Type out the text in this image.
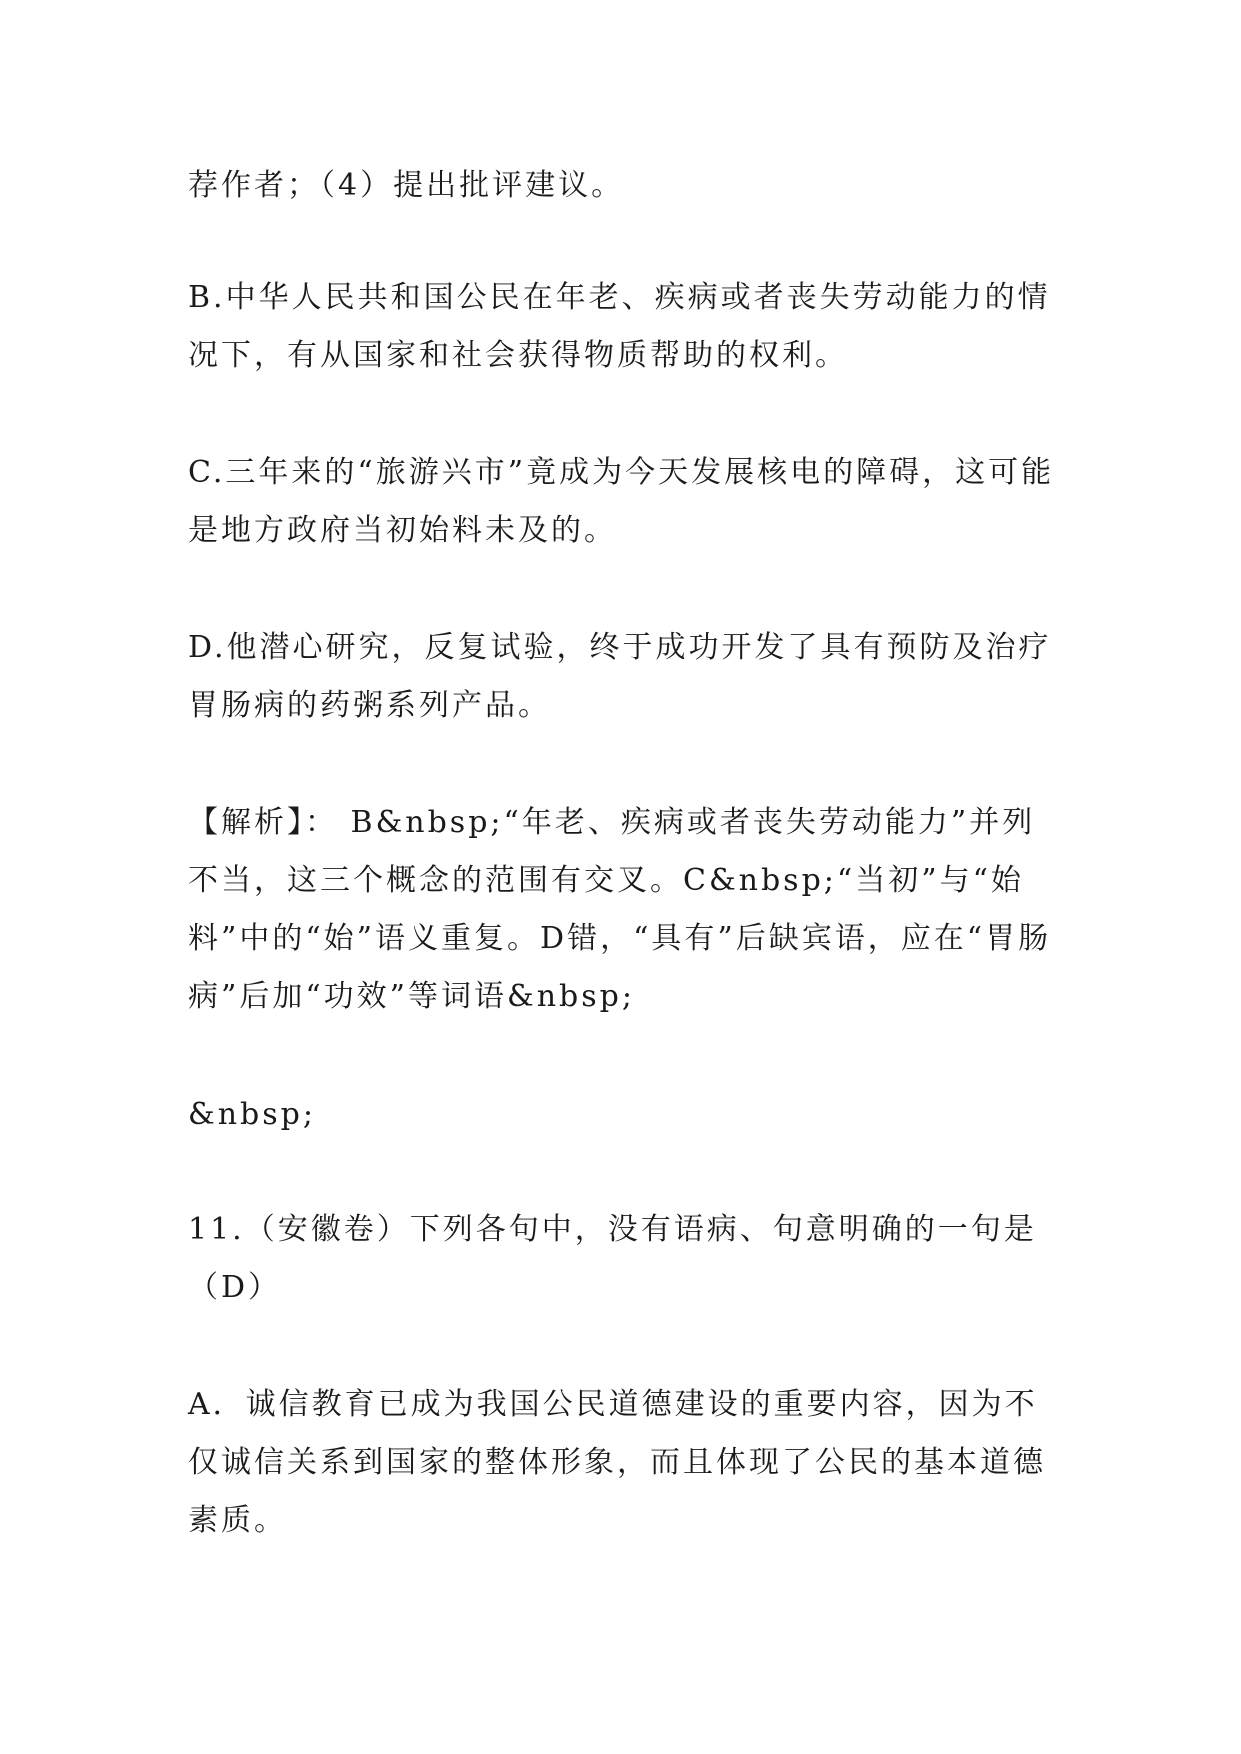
荐作者；（4）提出批评建议。

B.中华人民共和国公民在年老、疾病或者丧失劳动能力的情况下，有从国家和社会获得物质帮助的权利。

C.三年来的“旅游兴市”竟成为今天发展核电的障碍，这可能是地方政府当初始料未及的。

D.他潜心研究，反复试验，终于成功开发了具有预防及治疗胃肠病的药粥系列产品。

【解析】： B&nbsp;“年老、疾病或者丧失劳动能力”并列不当，这三个概念的范围有交叉。C&nbsp;“当初”与“始料”中的“始”语义重复。D错，“具有”后缺宾语，应在“胃肠病”后加“功效”等词语&nbsp;

&nbsp;

11.（安徽卷）下列各句中，没有语病、句意明确的一句是（D）

A．诚信教育已成为我国公民道德建设的重要内容，因为不仅诚信关系到国家的整体形象，而且体现了公民的基本道德素质。
